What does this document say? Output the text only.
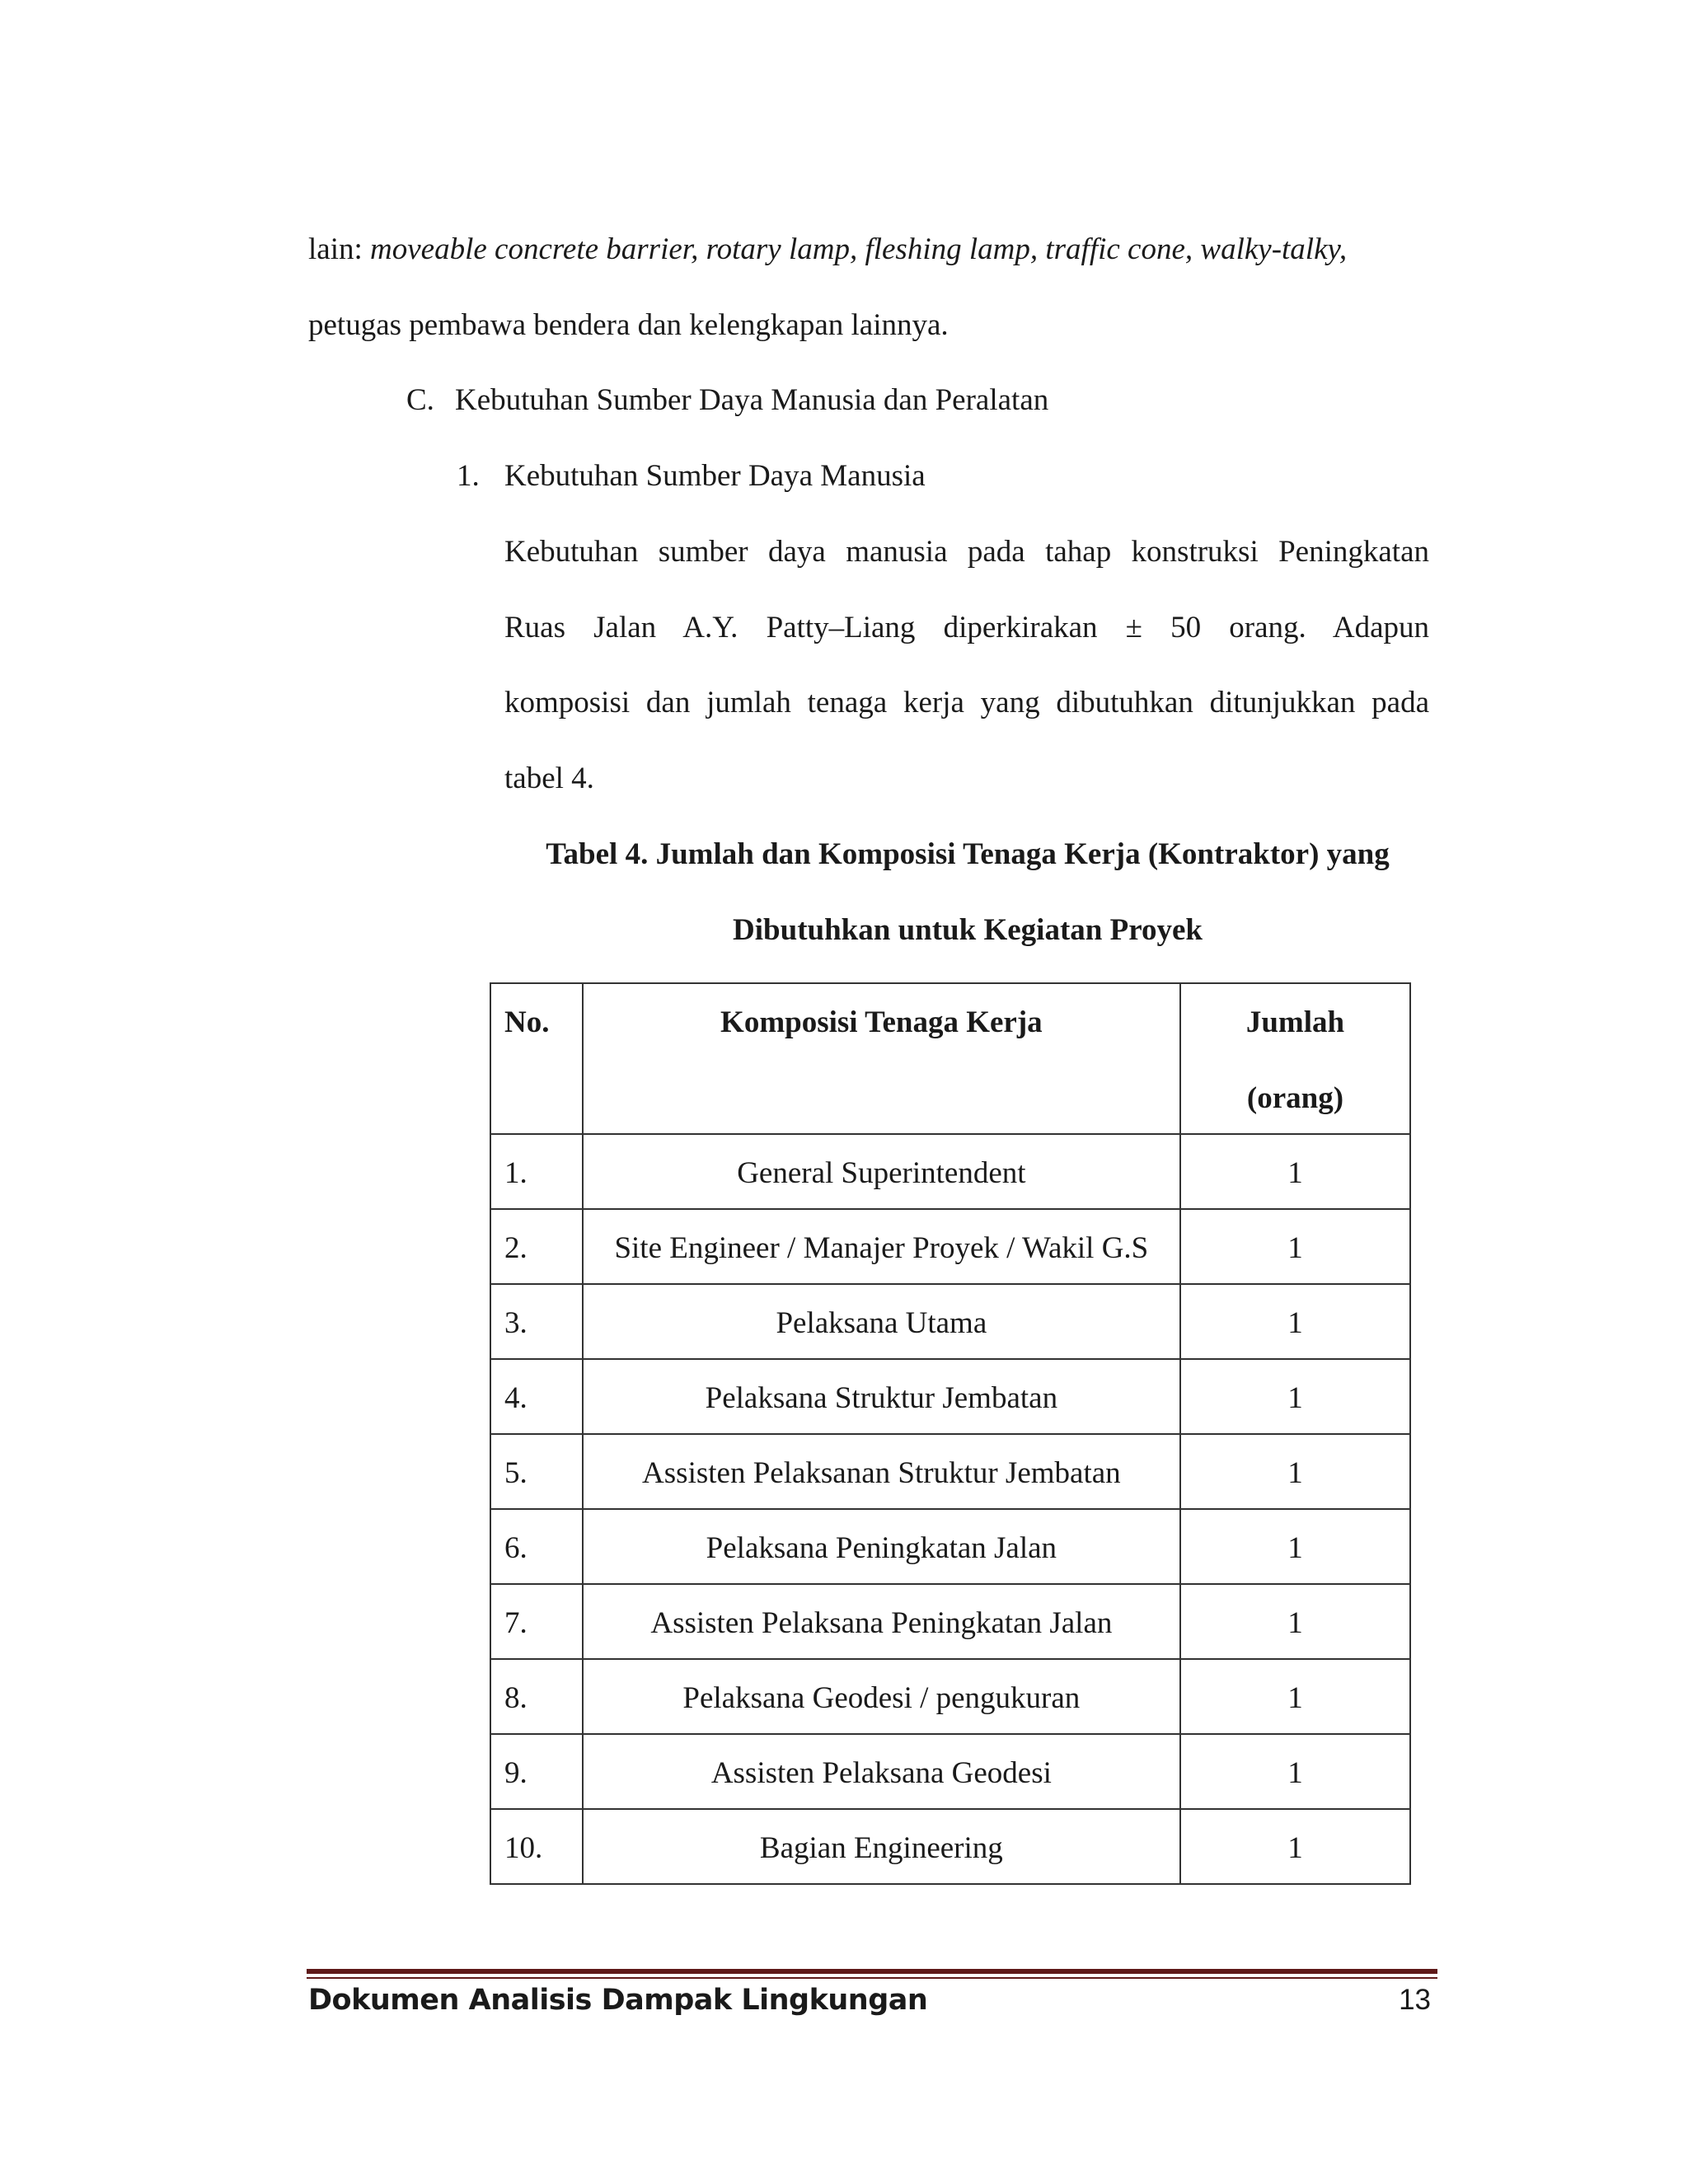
lain: moveable concrete barrier, rotary lamp, fleshing lamp, traffic cone, walky-talky,
petugas pembawa bendera dan kelengkapan lainnya.
C. Kebutuhan Sumber Daya Manusia dan Peralatan
1. Kebutuhan Sumber Daya Manusia
Kebutuhan sumber daya manusia pada tahap konstruksi Peningkatan
Ruas Jalan A.Y. Patty–Liang diperkirakan ± 50 orang. Adapun
komposisi dan jumlah tenaga kerja yang dibutuhkan ditunjukkan pada
tabel 4.
Tabel 4. Jumlah dan Komposisi Tenaga Kerja (Kontraktor) yang
Dibutuhkan untuk Kegiatan Proyek
No.	Komposisi Tenaga Kerja	Jumlah
(orang)

1.	General Superintendent	1

2.	Site Engineer / Manajer Proyek / Wakil G.S	1

3.	Pelaksana Utama	1

4.	Pelaksana Struktur Jembatan	1

5.	Assisten Pelaksanan Struktur Jembatan	1

6.	Pelaksana Peningkatan Jalan	1

7.	Assisten Pelaksana Peningkatan Jalan	1

8.	Pelaksana Geodesi / pengukuran	1

9.	Assisten Pelaksana Geodesi	1

10.	Bagian Engineering	1
Dokumen Analisis Dampak Lingkungan	13
